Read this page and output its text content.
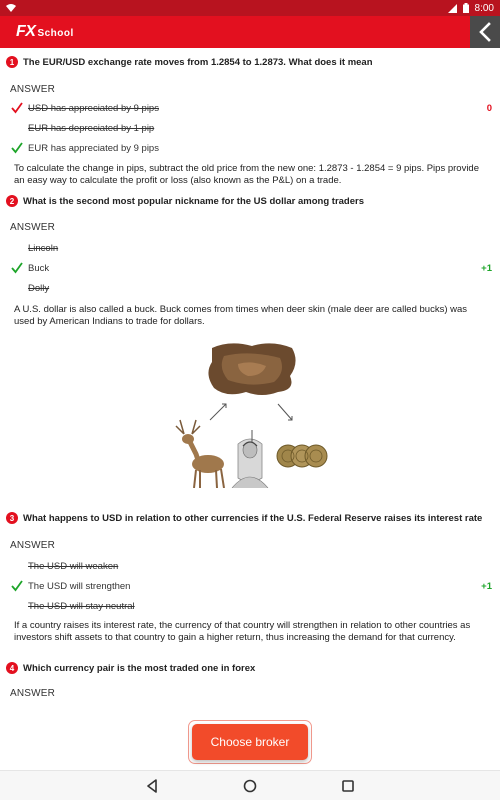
8:00
FX School
1 The EUR/USD exchange rate moves from 1.2854 to 1.2873. What does it mean
ANSWER
USD has appreciated by 9 pips	0
EUR has depreciated by 1 pip
EUR has appreciated by 9 pips
To calculate the change in pips, subtract the old price from the new one: 1.2873 - 1.2854 = 9 pips. Pips provide an easy way to calculate the profit or loss (also known as the P&L) on a trade.
2 What is the second most popular nickname for the US dollar among traders
ANSWER
Lincoln
Buck	+1
Dolly
A U.S. dollar is also called a buck. Buck comes from times when deer skin (male deer are called bucks) was used by American Indians to trade for dollars.
3 What happens to USD in relation to other currencies if the U.S. Federal Reserve raises its interest rate
ANSWER
The USD will weaken
The USD will strengthen	+1
The USD will stay neutral
If a country raises its interest rate, the currency of that country will strengthen in relation to other countries as investors shift assets to that country to gain a higher return, thus increasing the demand for that currency.
4 Which currency pair is the most traded one in forex
ANSWER
Choose broker
